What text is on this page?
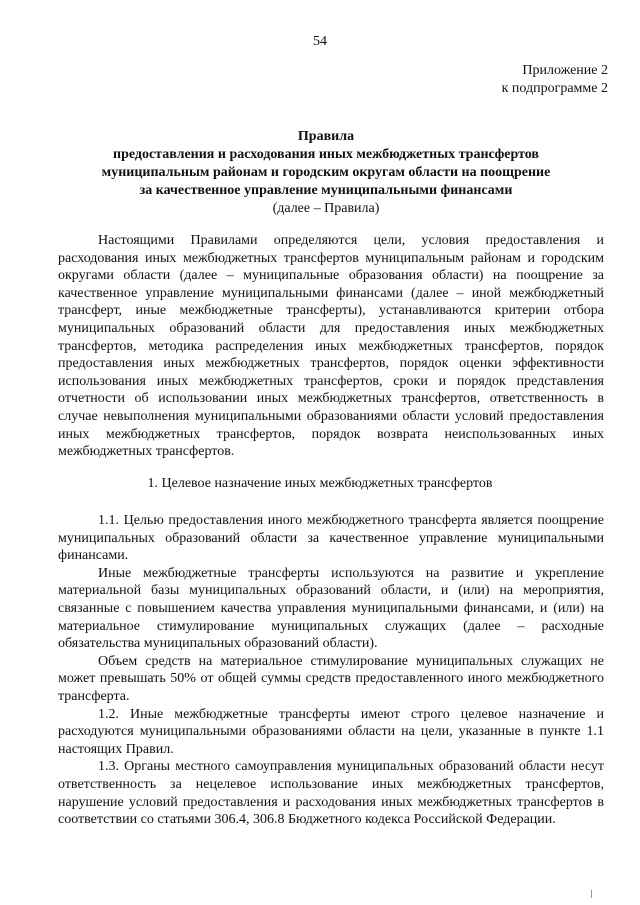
54
Приложение 2
к подпрограмме 2
Правила
предоставления и расходования иных межбюджетных трансфертов
муниципальным районам и городским округам области на поощрение
за качественное управление муниципальными финансами
(далее – Правила)

Настоящими Правилами определяются цели, условия предоставления и расходования иных межбюджетных трансфертов муниципальным районам и городским округами области (далее – муниципальные образования области) на поощрение за качественное управление муниципальными финансами (далее – иной межбюджетный трансферт, иные межбюджетные трансферты), устанавливаются критерии отбора муниципальных образований области для предоставления иных межбюджетных трансфертов, методика распределения иных межбюджетных трансфертов, порядок предоставления иных межбюджетных трансфертов, порядок оценки эффективности использования иных межбюджетных трансфертов, сроки и порядок представления отчетности об использовании иных межбюджетных трансфертов, ответственность в случае невыполнения муниципальными образованиями области условий предоставления иных межбюджетных трансфертов, порядок возврата неиспользованных иных межбюджетных трансфертов.

1. Целевое назначение иных межбюджетных трансфертов

1.1. Целью предоставления иного межбюджетного трансферта является поощрение муниципальных образований области за качественное управление муниципальными финансами.

Иные межбюджетные трансферты используются на развитие и укрепление материальной базы муниципальных образований области, и (или) на мероприятия, связанные с повышением качества управления муниципальными финансами, и (или) на материальное стимулирование муниципальных служащих (далее – расходные обязательства муниципальных образований области).

Объем средств на материальное стимулирование муниципальных служащих не может превышать 50% от общей суммы средств предоставленного иного межбюджетного трансферта.

1.2. Иные межбюджетные трансферты имеют строго целевое назначение и расходуются муниципальными образованиями области на цели, указанные в пункте 1.1 настоящих Правил.

1.3. Органы местного самоуправления муниципальных образований области несут ответственность за нецелевое использование иных межбюджетных трансфертов, нарушение условий предоставления и расходования иных межбюджетных трансфертов в соответствии со статьями 306.4, 306.8 Бюджетного кодекса Российской Федерации.
